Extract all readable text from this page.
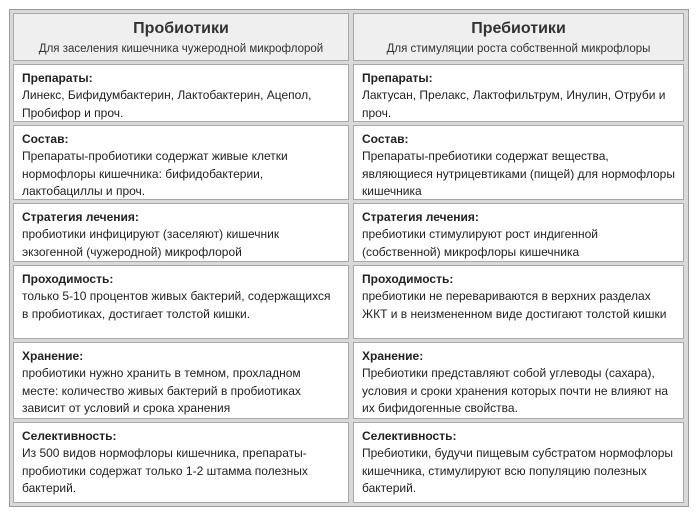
Пробиотики
Для заселения кишечника чужеродной микрофлорой
Пребиотики
Для стимуляции роста собственной микрофлоры
Препараты:
Линекс, Бифидумбактерин, Лактобактерин, Ацепол, Пробифор и проч.
Препараты:
Лактусан, Прелакс, Лактофильтрум, Инулин, Отруби и проч.
Состав:
Препараты-пробиотики содержат живые клетки нормофлоры кишечника: бифидобактерии, лактобациллы и проч.
Состав:
Препараты-пребиотики содержат вещества, являющиеся нутрицевтиками (пищей) для нормофлоры кишечника
Стратегия лечения:
пробиотики инфицируют (заселяют) кишечник экзогенной (чужеродной) микрофлорой
Стратегия лечения:
пребиотики стимулируют рост индигенной (собственной) микрофлоры кишечника
Проходимость:
только 5-10 процентов живых бактерий, содержащихся в пробиотиках, достигает толстой кишки.
Проходимость:
пребиотики не перевариваются в верхних разделах ЖКТ и в неизмененном виде достигают толстой кишки
Хранение:
пробиотики нужно хранить в темном, прохладном месте: количество живых бактерий в пробиотиках зависит от условий и срока хранения
Хранение:
Пребиотики представляют собой углеводы (сахара), условия и сроки хранения которых почти не влияют на их бифидогенные свойства.
Селективность:
Из 500 видов нормофлоры кишечника, препараты-пробиотики содержат только 1-2 штамма полезных бактерий.
Селективность:
Пребиотики, будучи пищевым субстратом нормофлоры кишечника, стимулируют всю популяцию полезных бактерий.
